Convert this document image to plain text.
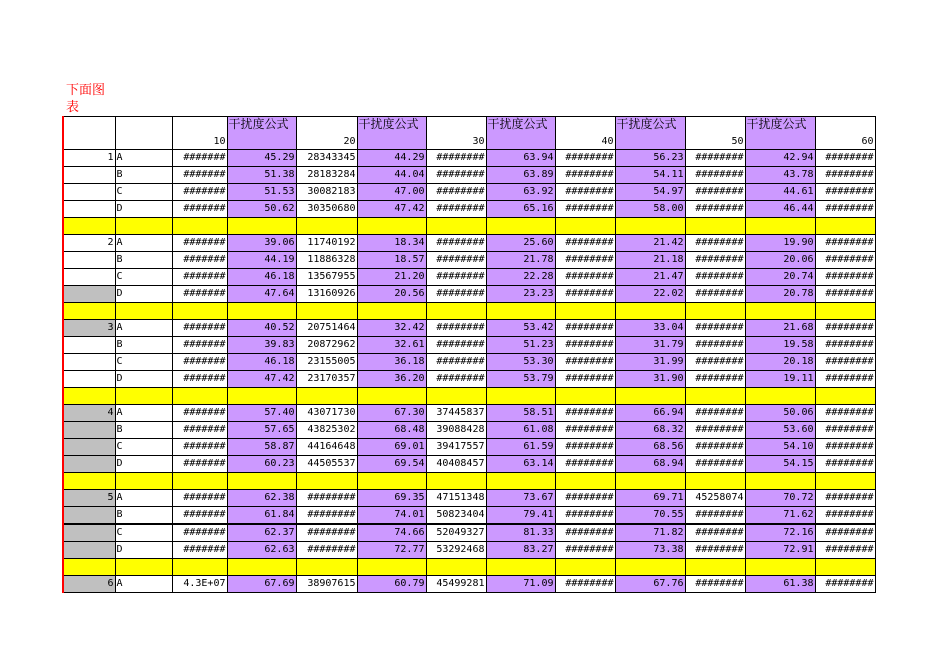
下面图表
		10	干扰度公式	20	干扰度公式	30	干扰度公式	40	干扰度公式	50	干扰度公式	60
1	A	#######	45.29	28343345	44.29	########	63.94	########	56.23	########	42.94	########
	B	#######	51.38	28183284	44.04	########	63.89	########	54.11	########	43.78	########
	C	#######	51.53	30082183	47.00	########	63.92	########	54.97	########	44.61	########
	D	#######	50.62	30350680	47.42	########	65.16	########	58.00	########	46.44	########

2	A	#######	39.06	11740192	18.34	########	25.60	########	21.42	########	19.90	########
	B	#######	44.19	11886328	18.57	########	21.78	########	21.18	########	20.06	########
	C	#######	46.18	13567955	21.20	########	22.28	########	21.47	########	20.74	########
	D	#######	47.64	13160926	20.56	########	23.23	########	22.02	########	20.78	########

3	A	#######	40.52	20751464	32.42	########	53.42	########	33.04	########	21.68	########
	B	#######	39.83	20872962	32.61	########	51.23	########	31.79	########	19.58	########
	C	#######	46.18	23155005	36.18	########	53.30	########	31.99	########	20.18	########
	D	#######	47.42	23170357	36.20	########	53.79	########	31.90	########	19.11	########

4	A	#######	57.40	43071730	67.30	37445837	58.51	########	66.94	########	50.06	########
	B	#######	57.65	43825302	68.48	39088428	61.08	########	68.32	########	53.60	########
	C	#######	58.87	44164648	69.01	39417557	61.59	########	68.56	########	54.10	########
	D	#######	60.23	44505537	69.54	40408457	63.14	########	68.94	########	54.15	########

5	A	#######	62.38	########	69.35	47151348	73.67	########	69.71	45258074	70.72	########
	B	#######	61.84	########	74.01	50823404	79.41	########	70.55	########	71.62	########
	C	#######	62.37	########	74.66	52049327	81.33	########	71.82	########	72.16	########
	D	#######	62.63	########	72.77	53292468	83.27	########	73.38	########	72.91	########

6	A	4.3E+07	67.69	38907615	60.79	45499281	71.09	########	67.76	########	61.38	########
